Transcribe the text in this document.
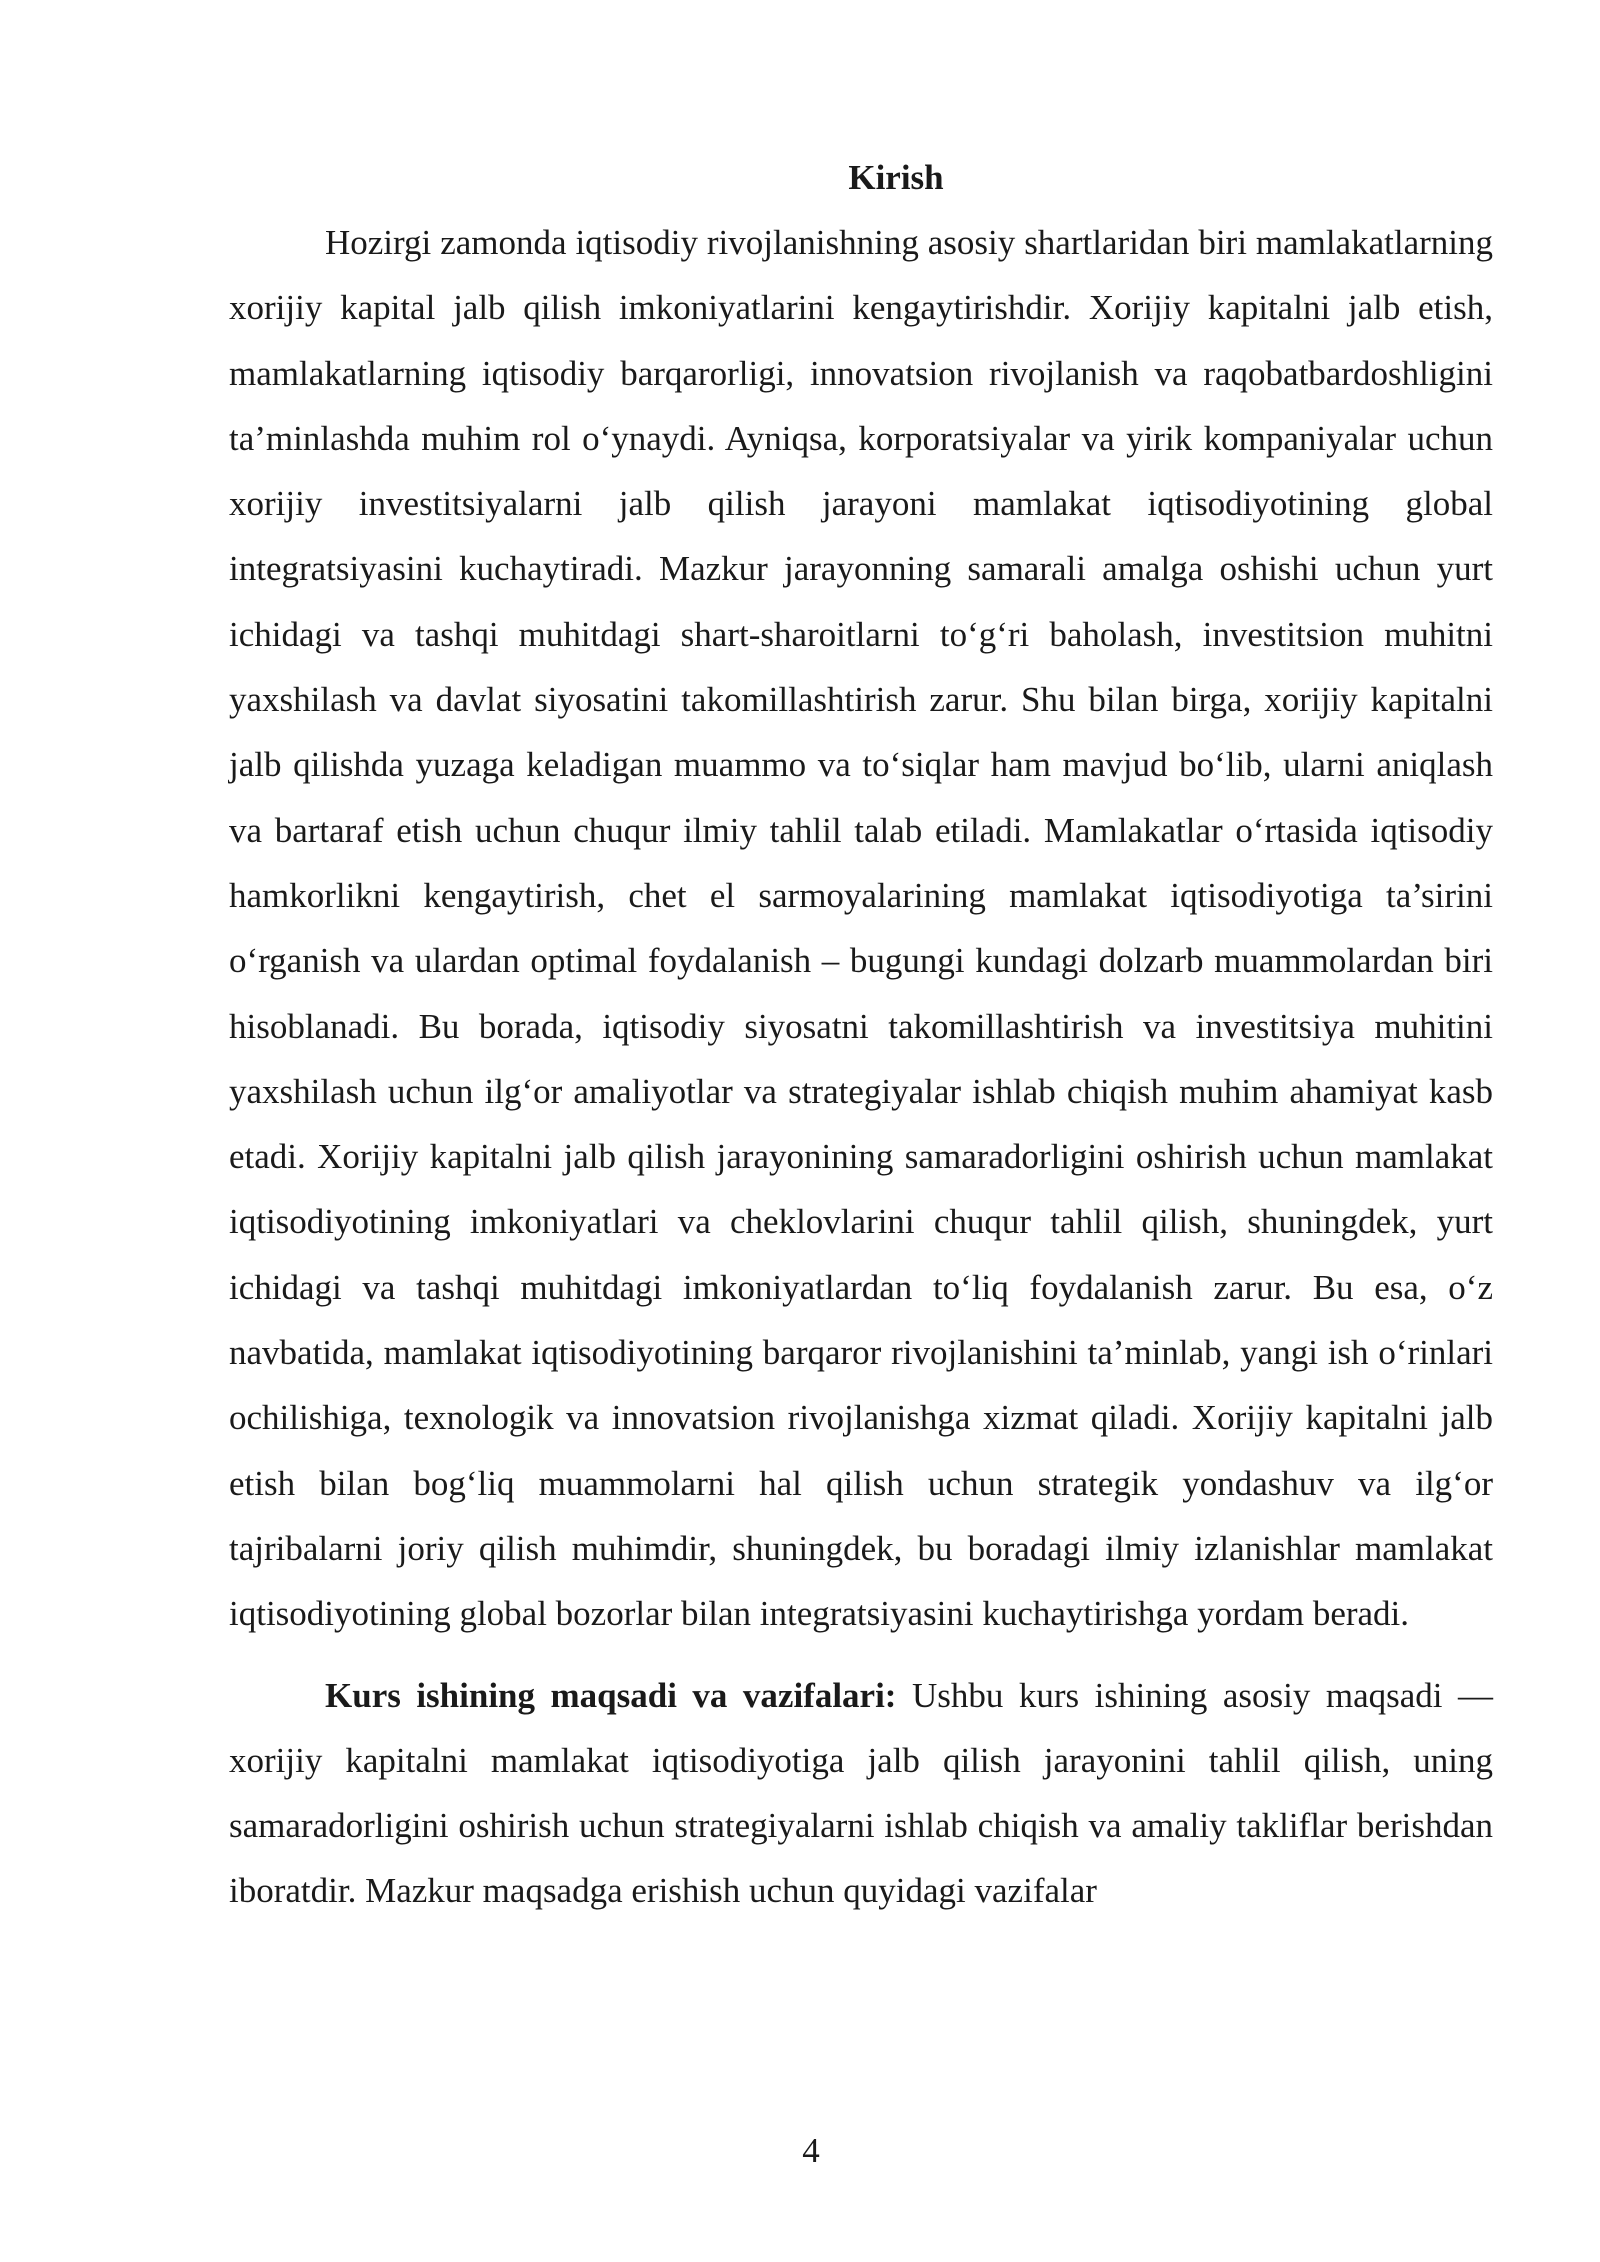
Kirish

Hozirgi zamonda iqtisodiy rivojlanishning asosiy shartlaridan biri mamlakatlarning xorijiy kapital jalb qilish imkoniyatlarini kengaytirishdir. Xorijiy kapitalni jalb etish, mamlakatlarning iqtisodiy barqarorligi, innovatsion rivojlanish va raqobatbardoshligini ta’minlashda muhim rol o‘ynaydi. Ayniqsa, korporatsiyalar va yirik kompaniyalar uchun xorijiy investitsiyalarni jalb qilish jarayoni mamlakat iqtisodiyotining global integratsiyasini kuchaytiradi. Mazkur jarayonning samarali amalga oshishi uchun yurt ichidagi va tashqi muhitdagi shart-sharoitlarni to‘g‘ri baholash, investitsion muhitni yaxshilash va davlat siyosatini takomillashtirish zarur. Shu bilan birga, xorijiy kapitalni jalb qilishda yuzaga keladigan muammo va to‘siqlar ham mavjud bo‘lib, ularni aniqlash va bartaraf etish uchun chuqur ilmiy tahlil talab etiladi. Mamlakatlar o‘rtasida iqtisodiy hamkorlikni kengaytirish, chet el sarmoyalarining mamlakat iqtisodiyotiga ta’sirini o‘rganish va ulardan optimal foydalanish – bugungi kundagi dolzarb muammolardan biri hisoblanadi. Bu borada, iqtisodiy siyosatni takomillashtirish va investitsiya muhitini yaxshilash uchun ilg‘or amaliyotlar va strategiyalar ishlab chiqish muhim ahamiyat kasb etadi. Xorijiy kapitalni jalb qilish jarayonining samaradorligini oshirish uchun mamlakat iqtisodiyotining imkoniyatlari va cheklovlarini chuqur tahlil qilish, shuningdek, yurt ichidagi va tashqi muhitdagi imkoniyatlardan to‘liq foydalanish zarur. Bu esa, o‘z navbatida, mamlakat iqtisodiyotining barqaror rivojlanishini ta’minlab, yangi ish o‘rinlari ochilishiga, texnologik va innovatsion rivojlanishga xizmat qiladi. Xorijiy kapitalni jalb etish bilan bog‘liq muammolarni hal qilish uchun strategik yondashuv va ilg‘or tajribalarni joriy qilish muhimdir, shuningdek, bu boradagi ilmiy izlanishlar mamlakat iqtisodiyotining global bozorlar bilan integratsiyasini kuchaytirishga yordam beradi.

Kurs ishining maqsadi va vazifalari: Ushbu kurs ishining asosiy maqsadi — xorijiy kapitalni mamlakat iqtisodiyotiga jalb qilish jarayonini tahlil qilish, uning samaradorligini oshirish uchun strategiyalarni ishlab chiqish va amaliy takliflar berishdan iboratdir. Mazkur maqsadga erishish uchun quyidagi vazifalar

4
